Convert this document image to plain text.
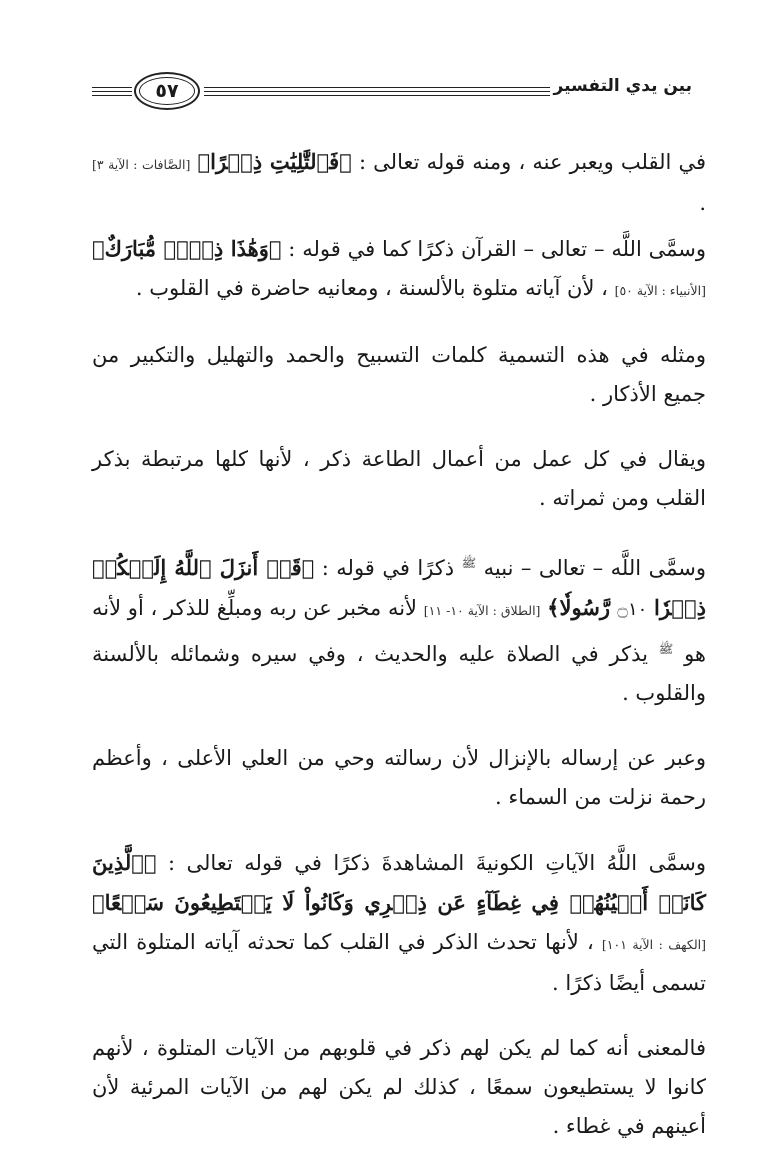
بين يدي التفسير
٥٧

في القلب ويعبر عنه ، ومنه قوله تعالى : ﴿فَٱلتَّٰلِيَٰتِ ذِكۡرًا﴾ [الصَّافات : الآية ٣] .

وسمَّى اللَّه – تعالى – القرآن ذكرًا كما في قوله : ﴿وَهَٰذَا ذِكۡرٞ مُّبَارَكٌ﴾ [الأنبياء : الآية ٥٠] ، لأن آياته متلوة بالألسنة ، ومعانيه حاضرة في القلوب .

ومثله في هذه التسمية كلمات التسبيح والحمد والتهليل والتكبير من جميع الأذكار .

ويقال في كل عمل من أعمال الطاعة ذكر ، لأنها كلها مرتبطة بذكر القلب ومن ثمراته .

وسمَّى اللَّه – تعالى – نبيه $^ﷺ$ ذكرًا في قوله : ﴿قَدۡ أَنزَلَ ٱللَّهُ إِلَيۡكُمۡ ذِكۡرٗا ۝١٠ رَّسُولٗا﴾ [الطلاق : الآية ١٠- ١١] لأنه مخبر عن ربه ومبلِّغ للذكر ، أو لأنه هو $^ﷺ$ يذكر في الصلاة عليه والحديث ، وفي سيره وشمائله بالألسنة والقلوب .

وعبر عن إرساله بالإنزال لأن رسالته وحي من العلي الأعلى ، وأعظم رحمة نزلت من السماء .

وسمَّى اللَّهُ الآياتِ الكونيةَ المشاهدةَ ذكرًا في قوله تعالى : ﴿ٱلَّذِينَ كَانَتۡ أَعۡيُنُهُمۡ فِي غِطَآءٍ عَن ذِكۡرِي وَكَانُواْ لَا يَسۡتَطِيعُونَ سَمۡعًا﴾ [الكهف : الآية ١٠١] ، لأنها تحدث الذكر في القلب كما تحدثه آياته المتلوة التي تسمى أيضًا ذكرًا .

فالمعنى أنه كما لم يكن لهم ذكر في قلوبهم من الآيات المتلوة ، لأنهم كانوا لا يستطيعون سمعًا ، كذلك لم يكن لهم من الآيات المرئية لأن أعينهم في غطاء .
